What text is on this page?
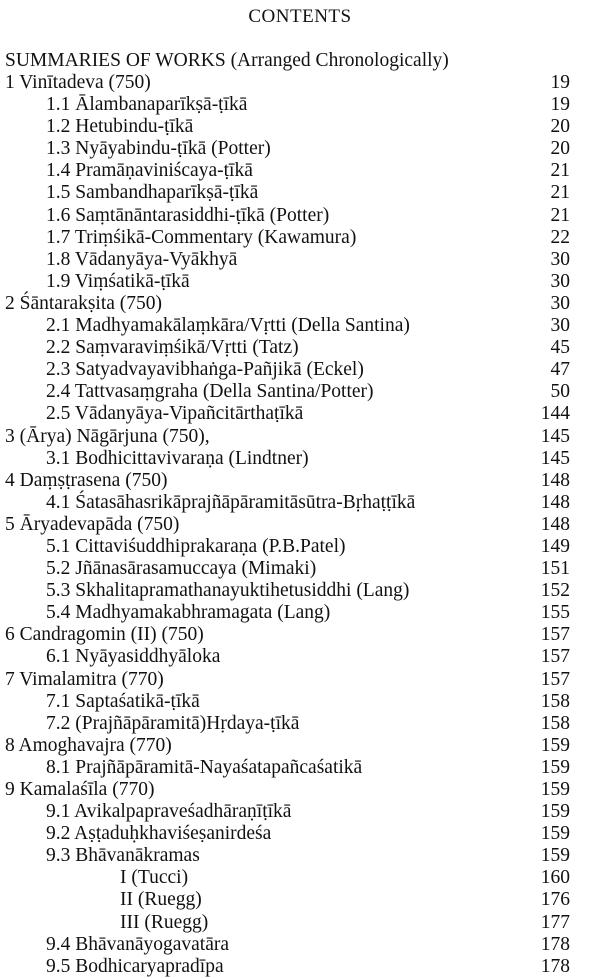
CONTENTS
SUMMARIES OF WORKS (Arranged Chronologically)
1 Vinītadeva (750)	19
1.1 Ālambanaparīkṣā-ṭīkā	19
1.2 Hetubindu-ṭīkā	20
1.3 Nyāyabindu-ṭīkā (Potter)	20
1.4 Pramāṇaviniścaya-ṭīkā	21
1.5 Sambandhaparīkṣā-ṭīkā	21
1.6 Saṃtānāntarasiddhi-ṭīkā (Potter)	21
1.7 Triṃśikā-Commentary (Kawamura)	22
1.8 Vādanyāya-Vyākhyā	30
1.9 Viṃśatikā-ṭīkā	30
2 Śāntarakṣita (750)	30
2.1 Madhyamakālaṃkāra/Vṛtti (Della Santina)	30
2.2 Saṃvaraviṃśikā/Vṛtti (Tatz)	45
2.3 Satyadvayavibhaṅga-Pañjikā (Eckel)	47
2.4 Tattvasaṃgraha (Della Santina/Potter)	50
2.5 Vādanyāya-Vipañcitārthaṭīkā	144
3 (Ārya) Nāgārjuna (750),	145
3.1 Bodhicittavivaraṇa (Lindtner)	145
4 Daṃṣṭrasena (750)	148
4.1 Śatasāhasrikāprajñāpāramitāsūtra-Bṛhaṭṭīkā	148
5 Āryadevapāda (750)	148
5.1 Cittaviśuddhiprakaraṇa (P.B.Patel)	149
5.2 Jñānasārasamuccaya (Mimaki)	151
5.3 Skhalitapramathanayuktihetusiddhi (Lang)	152
5.4 Madhyamakabhramagata (Lang)	155
6 Candragomin (II) (750)	157
6.1 Nyāyasiddhyāloka	157
7 Vimalamitra (770)	157
7.1 Saptaśatikā-ṭīkā	158
7.2 (Prajñāpāramitā)Hṛdaya-ṭīkā	158
8 Amoghavajra (770)	159
8.1 Prajñāpāramitā-Nayaśatapañcaśatikā	159
9 Kamalaśīla (770)	159
9.1 Avikalpapraveśadhāraṇīṭīkā	159
9.2 Aṣṭaduḥkhaviśeṣanirdeśa	159
9.3 Bhāvanākramas	159
I (Tucci)	160
II (Ruegg)	176
III (Ruegg)	177
9.4 Bhāvanāyogavatāra	178
9.5 Bodhicaryapradīpa	178
